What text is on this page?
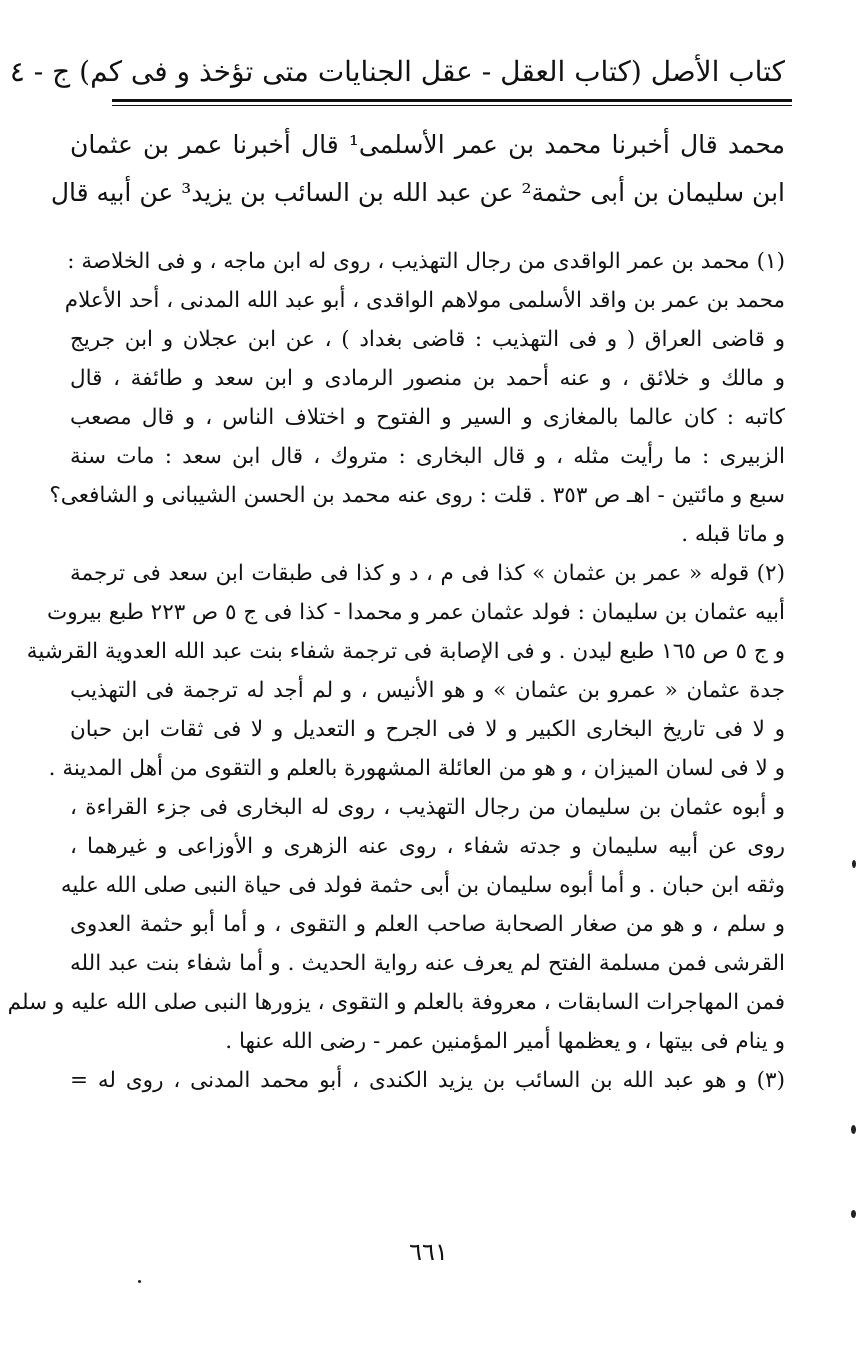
كتاب الأصل (كتاب العقل - عقل الجنايات متى تؤخذ و فى كم) ج - ٤
محمد قال أخبرنا محمد بن عمر الأسلمى¹ قال أخبرنا عمر بن عثمان
ابن سليمان بن أبى حثمة² عن عبد الله بن السائب بن يزيد³ عن أبيه قال
(١) محمد بن عمر الواقدى من رجال التهذيب ، روى له ابن ماجه ، و فى الخلاصة :
محمد بن عمر بن واقد الأسلمى مولاهم الواقدى ، أبو عبد الله المدنى ، أحد الأعلام
و قاضى العراق ( و فى التهذيب : قاضى بغداد ) ، عن ابن عجلان و ابن جريج
و مالك و خلائق ، و عنه أحمد بن منصور الرمادى و ابن سعد و طائفة ، قال
كاتبه : كان عالما بالمغازى و السير و الفتوح و اختلاف الناس ، و قال مصعب
الزبيرى : ما رأيت مثله ، و قال البخارى : متروك ، قال ابن سعد : مات سنة
سبع و مائتين - اهـ ص ٣٥٣ . قلت : روى عنه محمد بن الحسن الشيبانى و الشافعى؟
و ماتا قبله .
(٢) قوله « عمر بن عثمان » كذا فى م ، د و كذا فى طبقات ابن سعد فى ترجمة
أبيه عثمان بن سليمان : فولد عثمان عمر و محمدا - كذا فى ج ٥ ص ٢٢٣ طبع بيروت
و ج ٥ ص ١٦٥ طبع ليدن . و فى الإصابة فى ترجمة شفاء بنت عبد الله العدوية القرشية
جدة عثمان « عمرو بن عثمان » و هو الأنيس ، و لم أجد له ترجمة فى التهذيب
و لا فى تاريخ البخارى الكبير و لا فى الجرح و التعديل و لا فى ثقات ابن حبان
و لا فى لسان الميزان ، و هو من العائلة المشهورة بالعلم و التقوى من أهل المدينة .
و أبوه عثمان بن سليمان من رجال التهذيب ، روى له البخارى فى جزء القراءة ،
روى عن أبيه سليمان و جدته شفاء ، روى عنه الزهرى و الأوزاعى و غيرهما ،
وثقه ابن حبان . و أما أبوه سليمان بن أبى حثمة فولد فى حياة النبى صلى الله عليه
و سلم ، و هو من صغار الصحابة صاحب العلم و التقوى ، و أما أبو حثمة العدوى
القرشى فمن مسلمة الفتح لم يعرف عنه رواية الحديث . و أما شفاء بنت عبد الله
فمن المهاجرات السابقات ، معروفة بالعلم و التقوى ، يزورها النبى صلى الله عليه و سلم
و ينام فى بيتها ، و يعظمها أمير المؤمنين عمر - رضى الله عنها .
(٣) و هو عبد الله بن السائب بن يزيد الكندى ، أبو محمد المدنى ، روى له =
٦٦١
